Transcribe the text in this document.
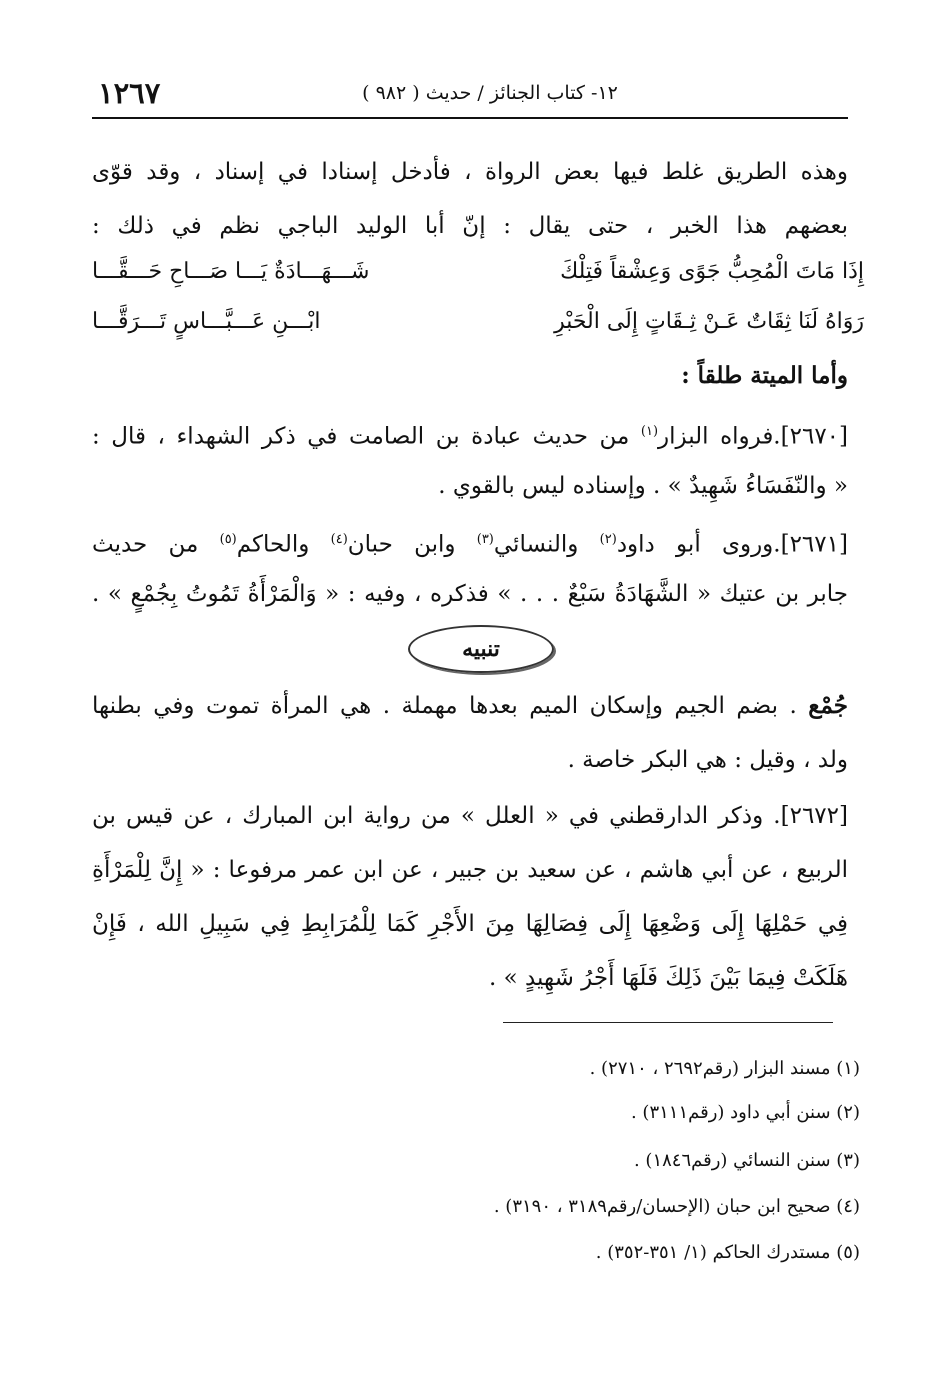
١٢٦٧	١٢- كتاب الجنائز / حديث ( ٩٨٢ )
وهذه الطريق غلط فيها بعض الرواة ، فأدخل إسنادا في إسناد ، وقد قوّى
بعضهم هذا الخبر ، حتى يقال : إنّ أبا الوليد الباجي نظم في ذلك :
إِذَا مَاتَ الْمُحِبُّ جَوًى وَعِشْقاً فَتِلْكَ
شَـــهَـــادَةٌ يَـــا صَـــاحِ حَـــقَّـــا
رَوَاهُ لَنَا ثِقَاتٌ عَـنْ ثِـقَاتٍ إِلَى الْحَبْرِ
ابْـــنِ عَـــبَّـــاسٍ تَـــرَقَّـــا
وأما الميتة طلقاً :
[٢٦٧٠].فرواه البزار$^{(١)}$ من حديث عبادة بن الصامت في ذكر الشهداء ، قال :
« والنّفَسَاءُ شَهِيدٌ » . وإسناده ليس بالقوي .
[٢٦٧١].وروى أبو داود$^{(٢)}$ والنسائي$^{(٣)}$ وابن حبان$^{(٤)}$ والحاكم$^{(٥)}$ من حديث
جابر بن عتيك « الشَّهَادَةُ سَبْعٌ . . . » فذكره ، وفيه : « وَالْمَرْأَةُ تَمُوتُ بِجُمْعٍ » .
تنبيه
جُمْع . بضم الجيم وإسكان الميم بعدها مهملة . هي المرأة تموت وفي بطنها
ولد ، وقيل : هي البكر خاصة .
[٢٦٧٢]. وذكر الدارقطني في « العلل » من رواية ابن المبارك ، عن قيس بن
الربيع ، عن أبي هاشم ، عن سعيد بن جبير ، عن ابن عمر مرفوعا : « إِنَّ لِلْمَرْأَةِ
فِي حَمْلِهَا إِلَى وَضْعِهَا إِلَى فِصَالِهَا مِنَ الأَجْرِ كَمَا لِلْمُرَابِطِ فِي سَبِيلِ الله ، فَإِنْ
هَلَكَتْ فِيمَا بَيْنَ ذَلِكَ فَلَهَا أَجْرُ شَهِيدٍ » .
(١) مسند البزار (رقم٢٦٩٢ ، ٢٧١٠) .
(٢) سنن أبي داود (رقم٣١١١) .
(٣) سنن النسائي (رقم١٨٤٦) .
(٤) صحيح ابن حبان (الإحسان/رقم٣١٨٩ ، ٣١٩٠) .
(٥) مستدرك الحاكم (١/ ٣٥١-٣٥٢) .
